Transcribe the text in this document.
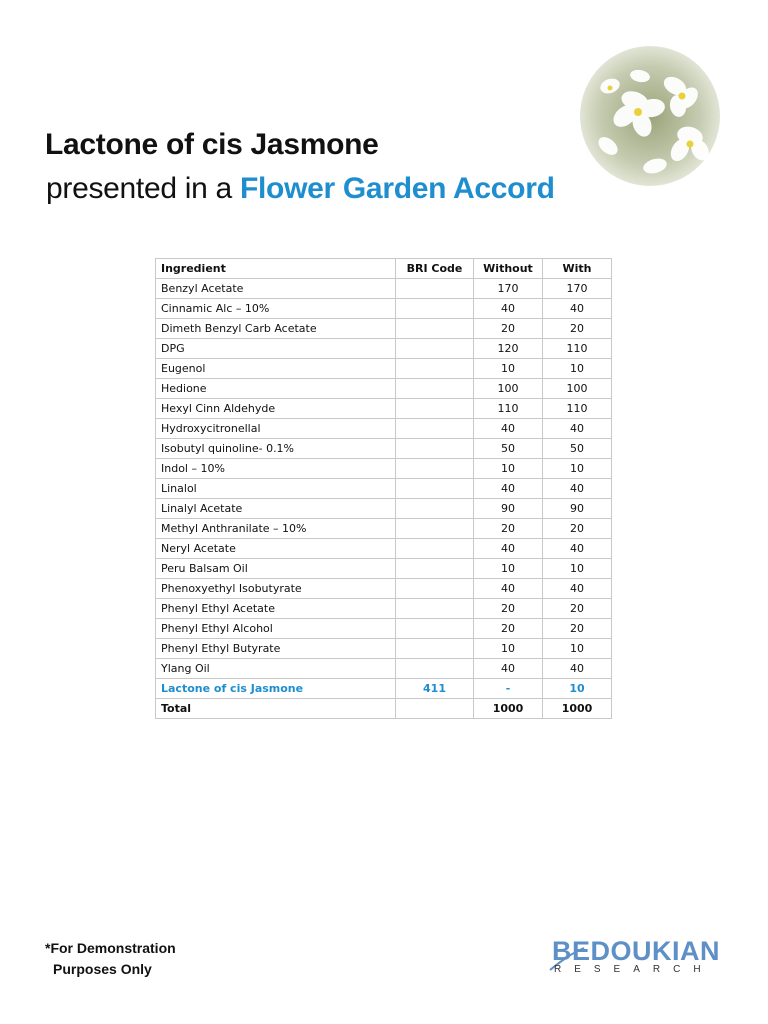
Lactone of cis Jasmone
presented in a Flower Garden Accord
Ingredient	BRI Code	Without	With
Benzyl Acetate		170	170
Cinnamic Alc – 10%		40	40
Dimeth Benzyl Carb Acetate		20	20
DPG		120	110
Eugenol		10	10
Hedione		100	100
Hexyl Cinn Aldehyde		110	110
Hydroxycitronellal		40	40
Isobutyl quinoline- 0.1%		50	50
Indol – 10%		10	10
Linalol		40	40
Linalyl Acetate		90	90
Methyl Anthranilate – 10%		20	20
Neryl Acetate		40	40
Peru Balsam Oil		10	10
Phenoxyethyl Isobutyrate		40	40
Phenyl Ethyl Acetate		20	20
Phenyl Ethyl Alcohol		20	20
Phenyl Ethyl Butyrate		10	10
Ylang Oil		40	40
Lactone of cis Jasmone	411	-	10
Total		1000	1000
*For Demonstration
Purposes Only
BEDOUKIAN
RESEARCH
